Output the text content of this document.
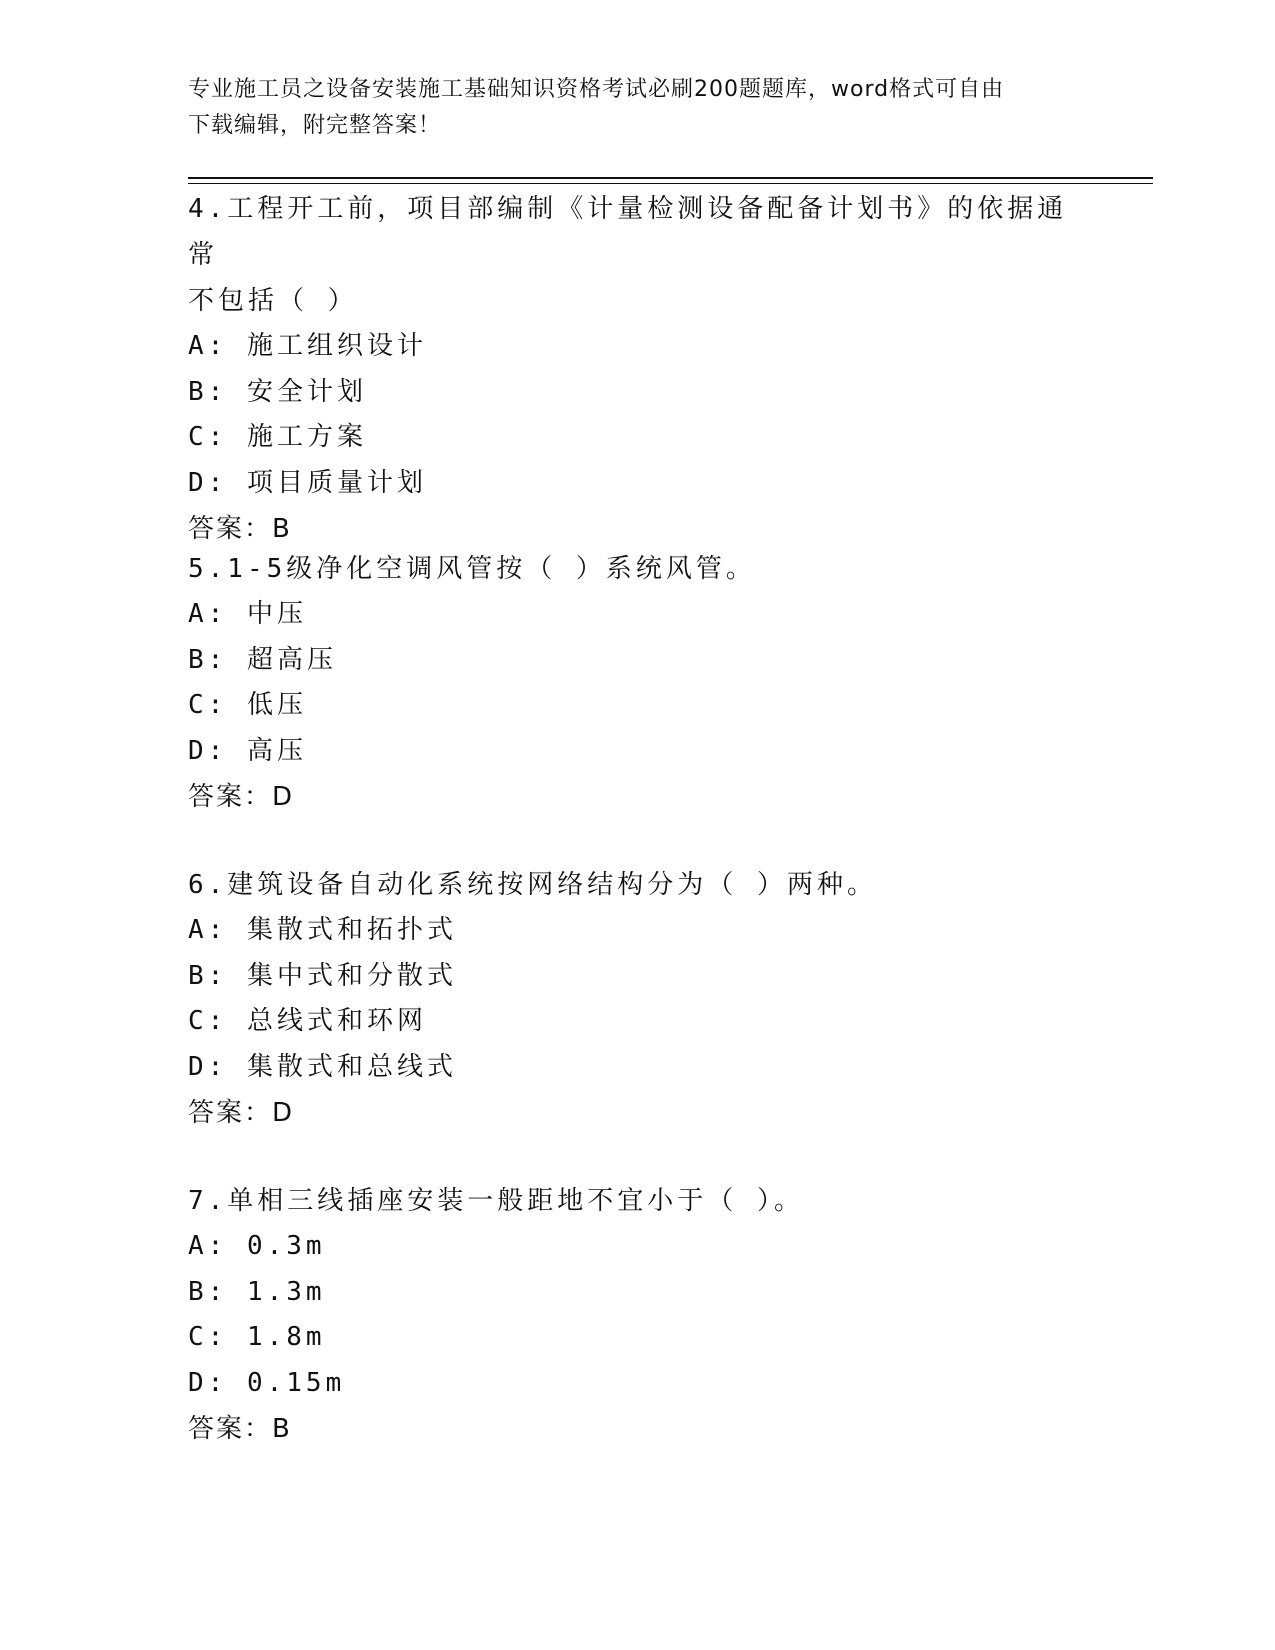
专业施工员之设备安装施工基础知识资格考试必刷200题题库，word格式可自由
下载编辑，附完整答案！

4.工程开工前，项目部编制《计量检测设备配备计划书》的依据通常

不包括（ ）

A: 施工组织设计

B: 安全计划

C: 施工方案

D: 项目质量计划

答案：B

5.1-5级净化空调风管按（ ）系统风管。

A: 中压

B: 超高压

C: 低压

D: 高压

答案：D

6.建筑设备自动化系统按网络结构分为（ ）两种。

A: 集散式和拓扑式

B: 集中式和分散式

C: 总线式和环网

D: 集散式和总线式

答案：D

7.单相三线插座安装一般距地不宜小于（ ）。

A: 0.3m

B: 1.3m

C: 1.8m

D: 0.15m

答案：B
